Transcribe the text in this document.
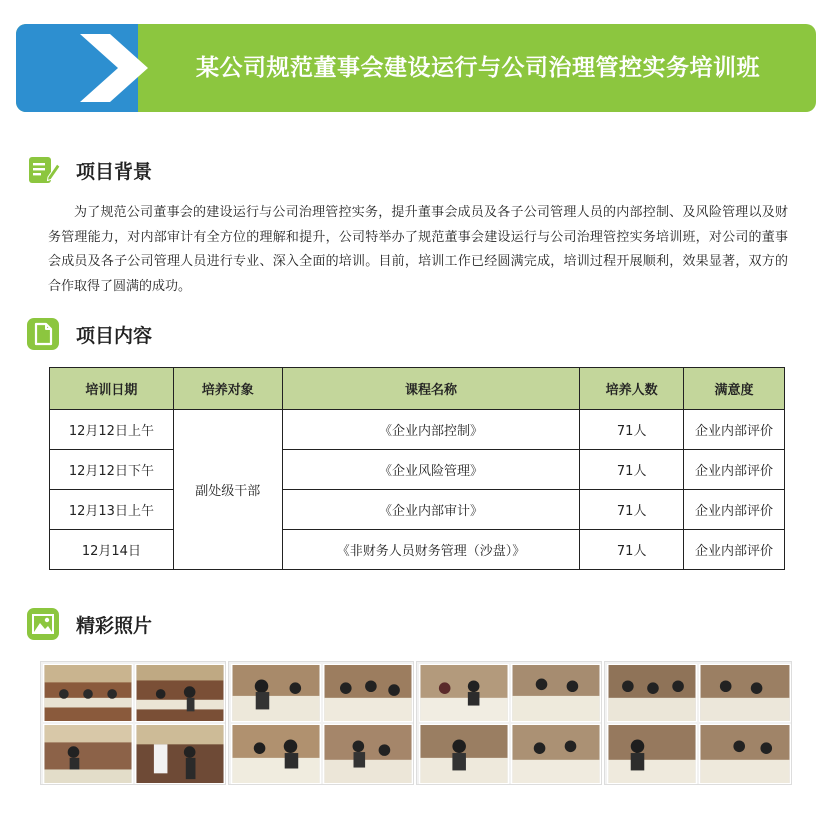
某公司规范董事会建设运行与公司治理管控实务培训班
项目背景

为了规范公司董事会的建设运行与公司治理管控实务，提升董事会成员及各子公司管理人员的内部控制、及风险管理以及财务管理能力，对内部审计有全方位的理解和提升，公司特举办了规范董事会建设运行与公司治理管控实务培训班，对公司的董事会成员及各子公司管理人员进行专业、深入全面的培训。目前，培训工作已经圆满完成，培训过程开展顺利，效果显著，双方的合作取得了圆满的成功。

项目内容
培训日期	培养对象	课程名称	培养人数	满意度
12月12日上午	副处级干部	《企业内部控制》	71人	企业内部评价
12月12日下午		《企业风险管理》	71人	企业内部评价
12月13日上午		《企业内部审计》	71人	企业内部评价
12月14日		《非财务人员财务管理（沙盘）》	71人	企业内部评价
精彩照片
